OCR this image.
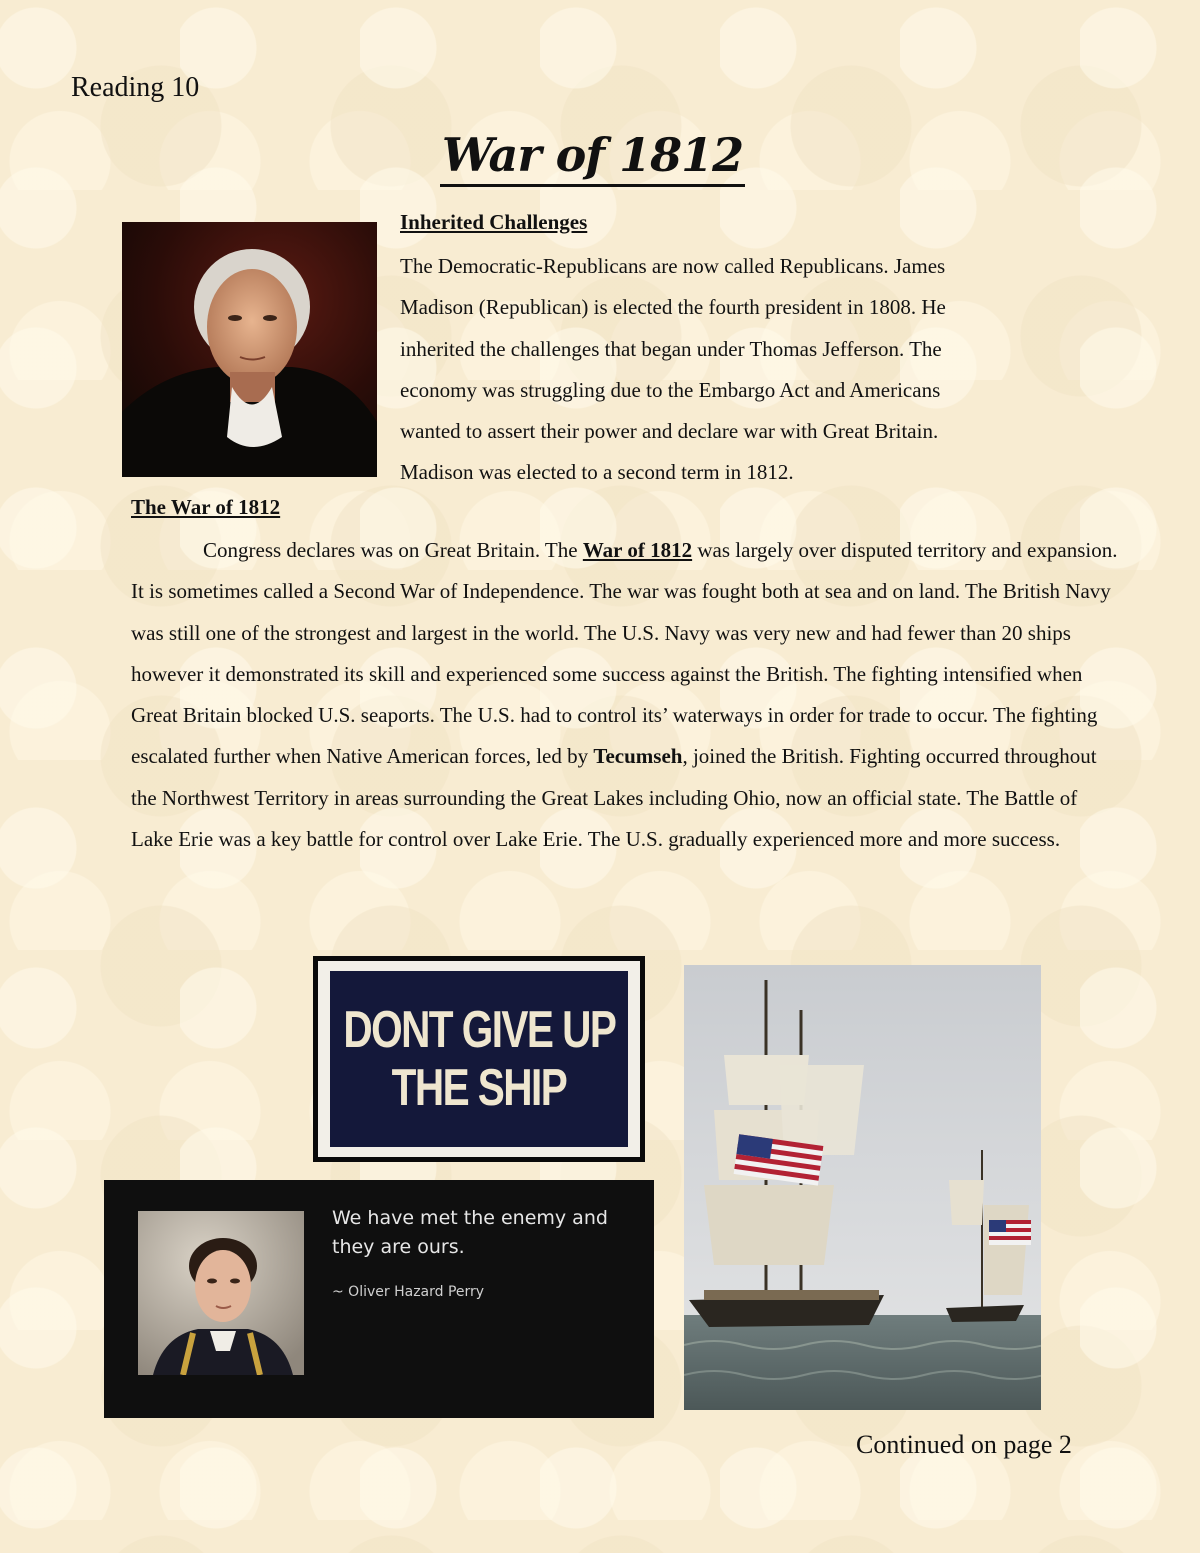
Reading 10
War of 1812
Inherited Challenges
The Democratic-Republicans are now called Republicans. James
Madison (Republican) is elected the fourth president in 1808. He
inherited the challenges that began under Thomas Jefferson. The
economy was struggling due to the Embargo Act and Americans
wanted to assert their power and declare war with Great Britain.
Madison was elected to a second term in 1812.
The War of 1812
Congress declares was on Great Britain. The War of 1812 was largely over disputed territory and expansion. It is sometimes called a Second War of Independence. The war was fought both at sea and on land. The British Navy was still one of the strongest and largest in the world. The U.S. Navy was very new and had fewer than 20 ships however it demonstrated its skill and experienced some success against the British. The fighting intensified when Great Britain blocked U.S. seaports. The U.S. had to control its’ waterways in order for trade to occur. The fighting escalated further when Native American forces, led by Tecumseh, joined the British. Fighting occurred throughout the Northwest Territory in areas surrounding the Great Lakes including Ohio, now an official state. The Battle of Lake Erie was a key battle for control over Lake Erie. The U.S. gradually experienced more and more success.
DONT GIVE UP
THE SHIP
We have met the enemy and they are ours.
~ Oliver Hazard Perry
Continued on page 2
